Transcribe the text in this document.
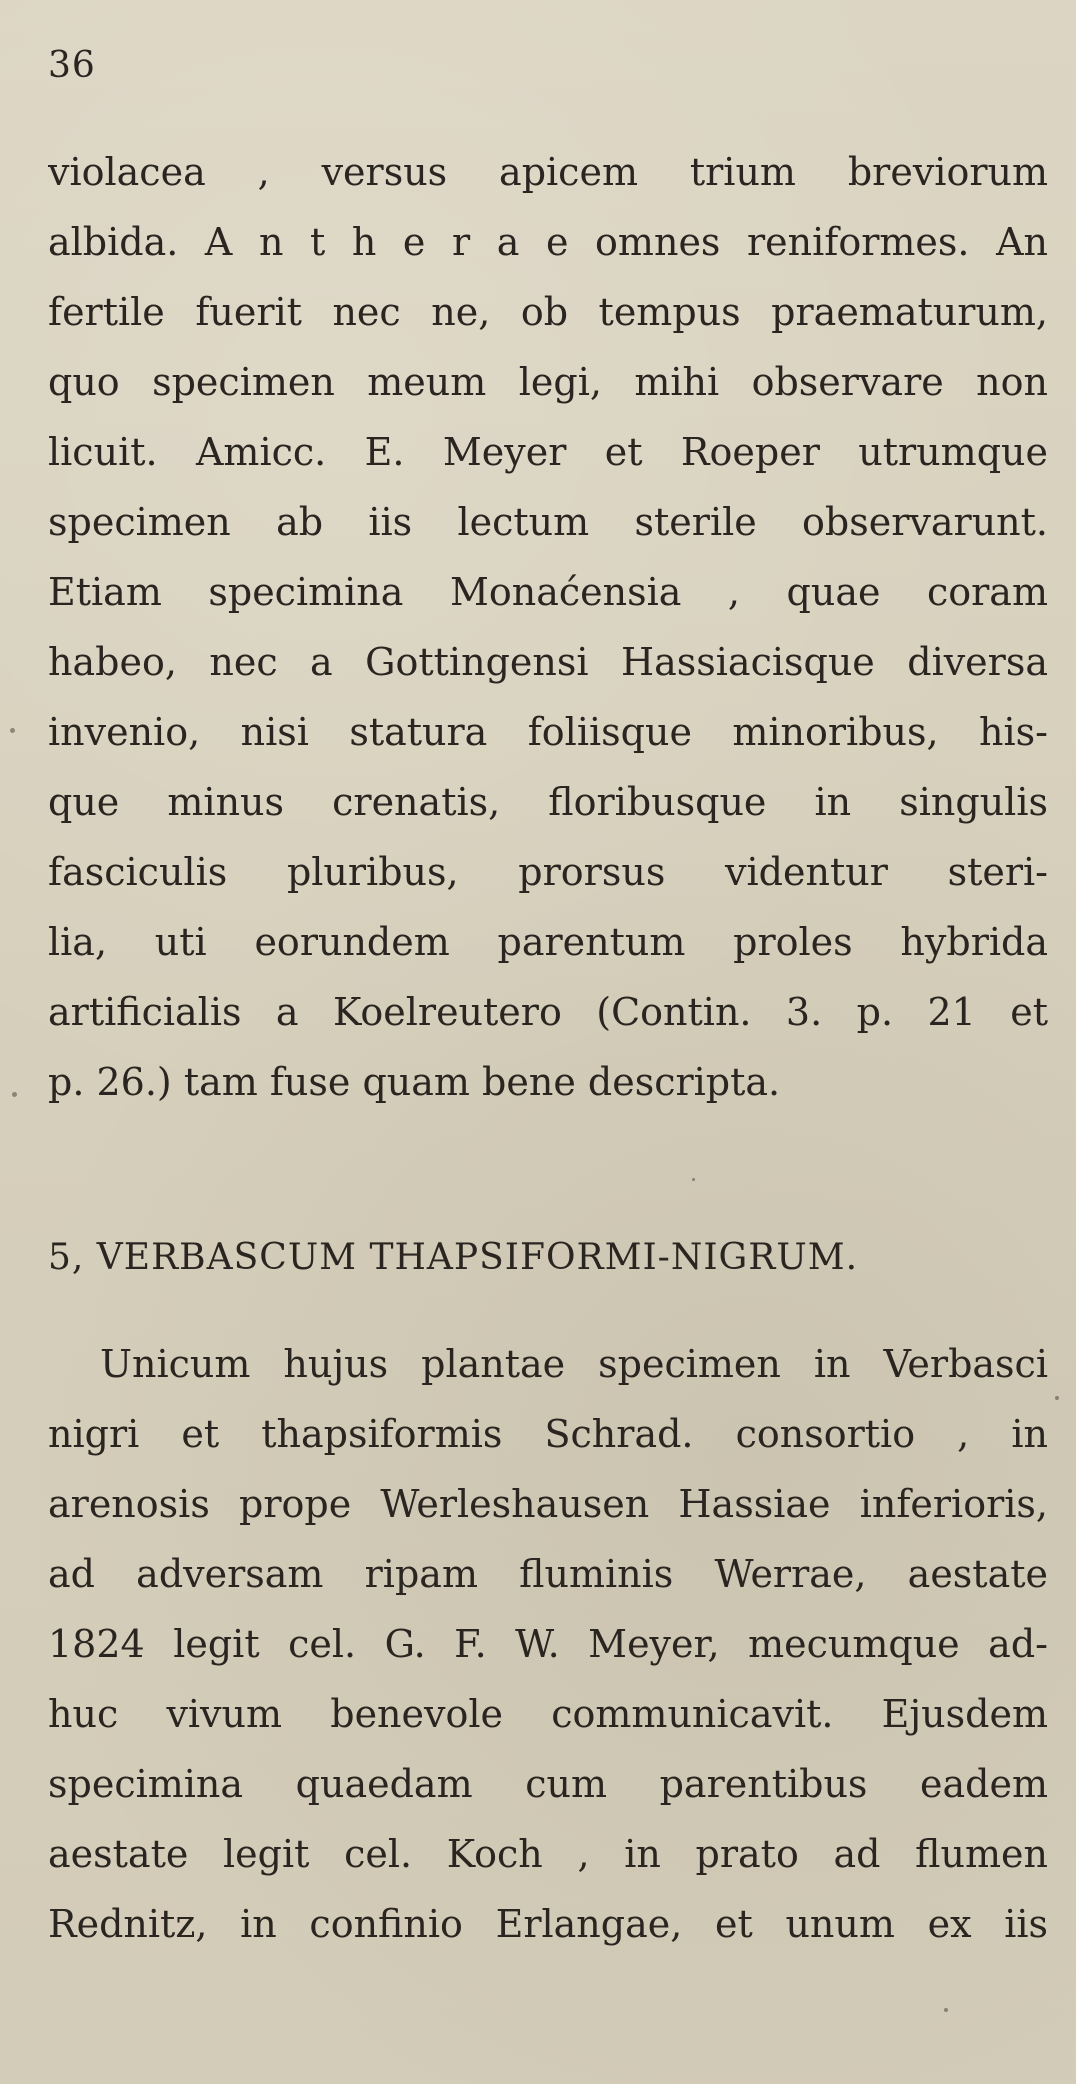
36
violacea , versus apicem trium breviorum
albida. A n t h e r a e omnes reniformes. An
fertile fuerit nec ne, ob tempus praematurum,
quo specimen meum legi, mihi observare non
licuit. Amicc. E. Meyer et Roeper utrumque
specimen ab iis lectum sterile observarunt.
Etiam specimina Monaćensia , quae coram
habeo, nec a Gottingensi Hassiacisque diversa
invenio, nisi statura foliisque minoribus, his-
que minus crenatis, floribusque in singulis
fasciculis pluribus, prorsus videntur steri-
lia, uti eorundem parentum proles hybrida
artificialis a Koelreutero (Contin. 3. p. 21 et
p. 26.) tam fuse quam bene descripta.
5, VERBASCUM THAPSIFORMI-NIGRUM.
Unicum hujus plantae specimen in Verbasci
nigri et thapsiformis Schrad. consortio , in
arenosis prope Werleshausen Hassiae inferioris,
ad adversam ripam fluminis Werrae, aestate
1824 legit cel. G. F. W. Meyer, mecumque ad-
huc vivum benevole communicavit. Ejusdem
specimina quaedam cum parentibus eadem
aestate legit cel. Koch , in prato ad flumen
Rednitz, in confinio Erlangae, et unum ex iis
